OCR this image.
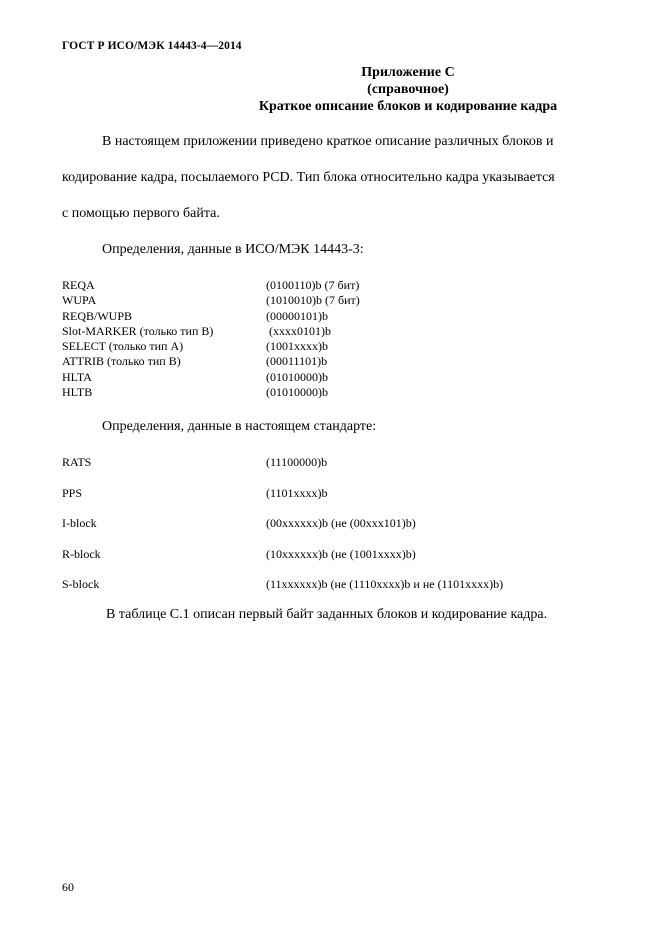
ГОСТ Р ИСО/МЭК 14443-4—2014
Приложение С
(справочное)
Краткое описание блоков и кодирование кадра
В настоящем приложении приведено краткое описание различных блоков и
кодирование кадра, посылаемого PCD. Тип блока относительно кадра указывается
с помощью первого байта.
Определения, данные в ИСО/МЭК 14443-3:
REQA	(0100110)b (7 бит)
WUPA	(1010010)b (7 бит)
REQB/WUPB	(00000101)b
Slot-MARKER (только тип B)	(xxxx0101)b
SELECT (только тип A)	(1001xxxx)b
ATTRIB (только тип B)	(00011101)b
HLTA	(01010000)b
HLTB	(01010000)b
Определения, данные в настоящем стандарте:
RATS	(11100000)b
PPS	(1101xxxx)b
I-block	(00xxxxxx)b (не (00xxx101)b)
R-block	(10xxxxxx)b (не (1001xxxx)b)
S-block	(11xxxxxx)b (не (1110xxxx)b и не (1101xxxx)b)
В таблице С.1 описан первый байт заданных блоков и кодирование кадра.
60
